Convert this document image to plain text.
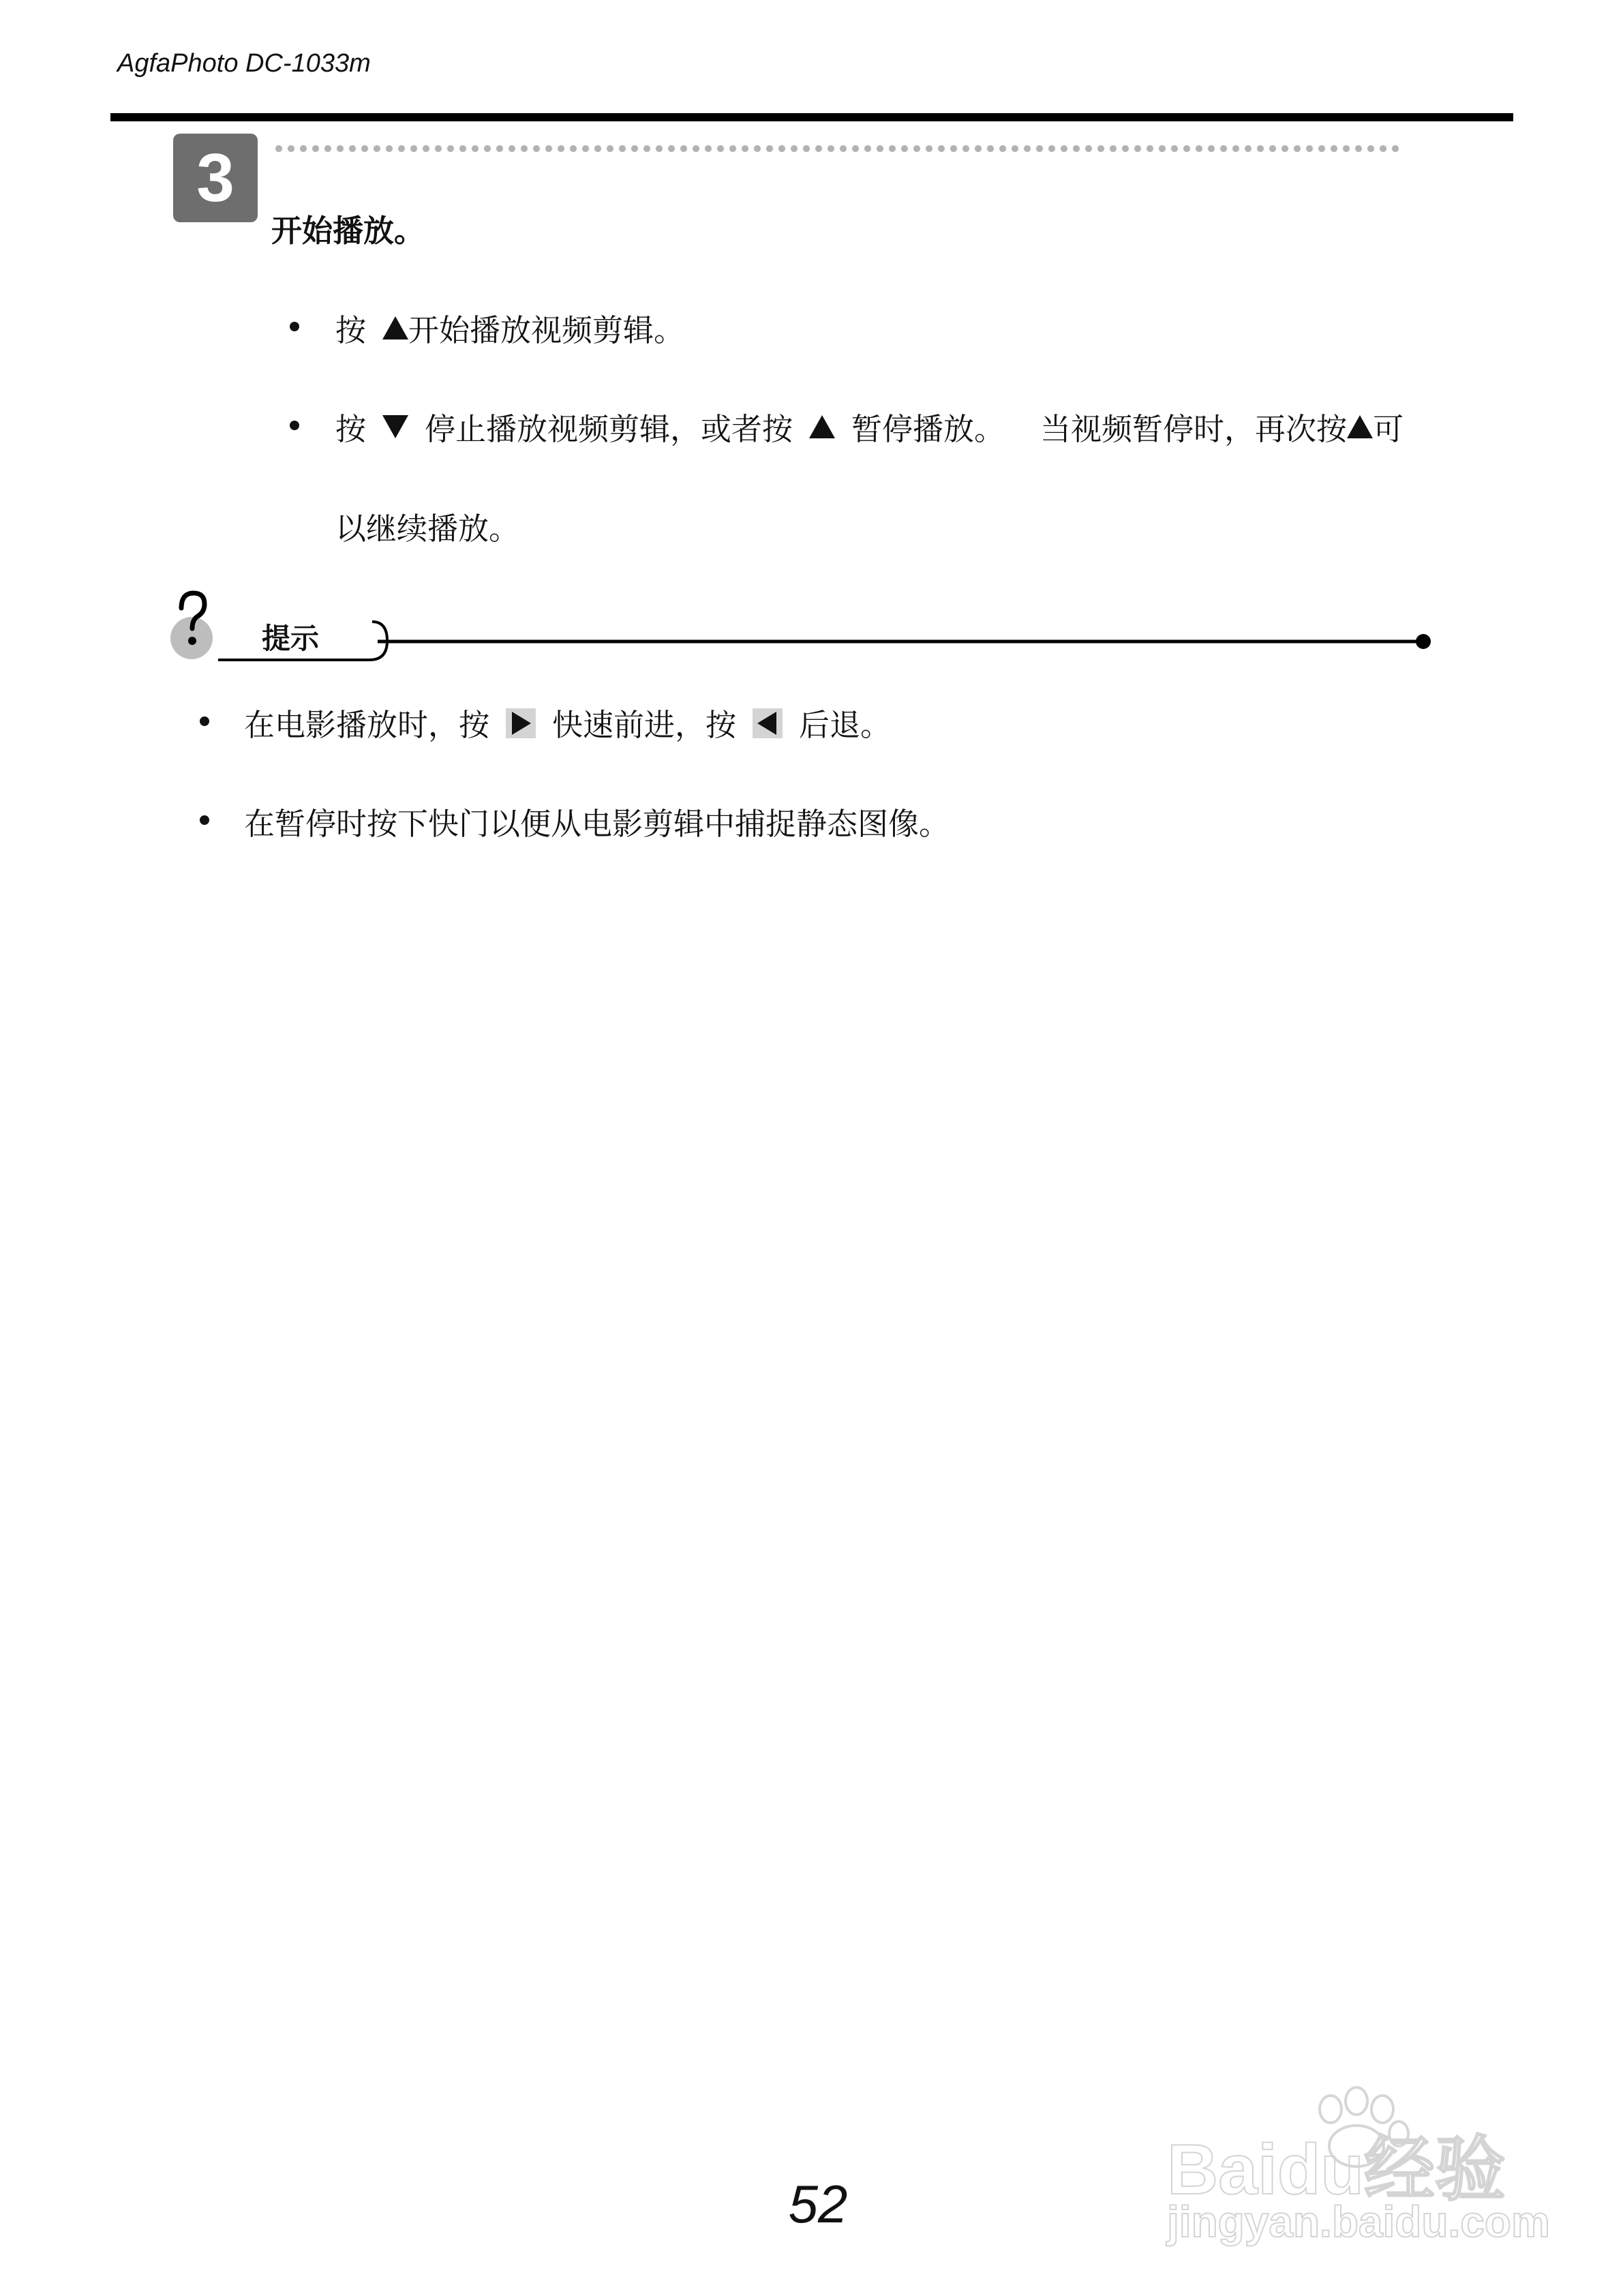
AgfaPhoto DC-1033m
3
开始播放。
按 开始播放视频剪辑。
按 停止播放视频剪辑，或者按 暂停播放。 当视频暂停时，再次按 可
以继续播放。
提示
在电影播放时，按 快速前进，按 后退。
在暂停时按下快门以便从电影剪辑中捕捉静态图像。
52	Baidu经验
jingyan.baidu.com
